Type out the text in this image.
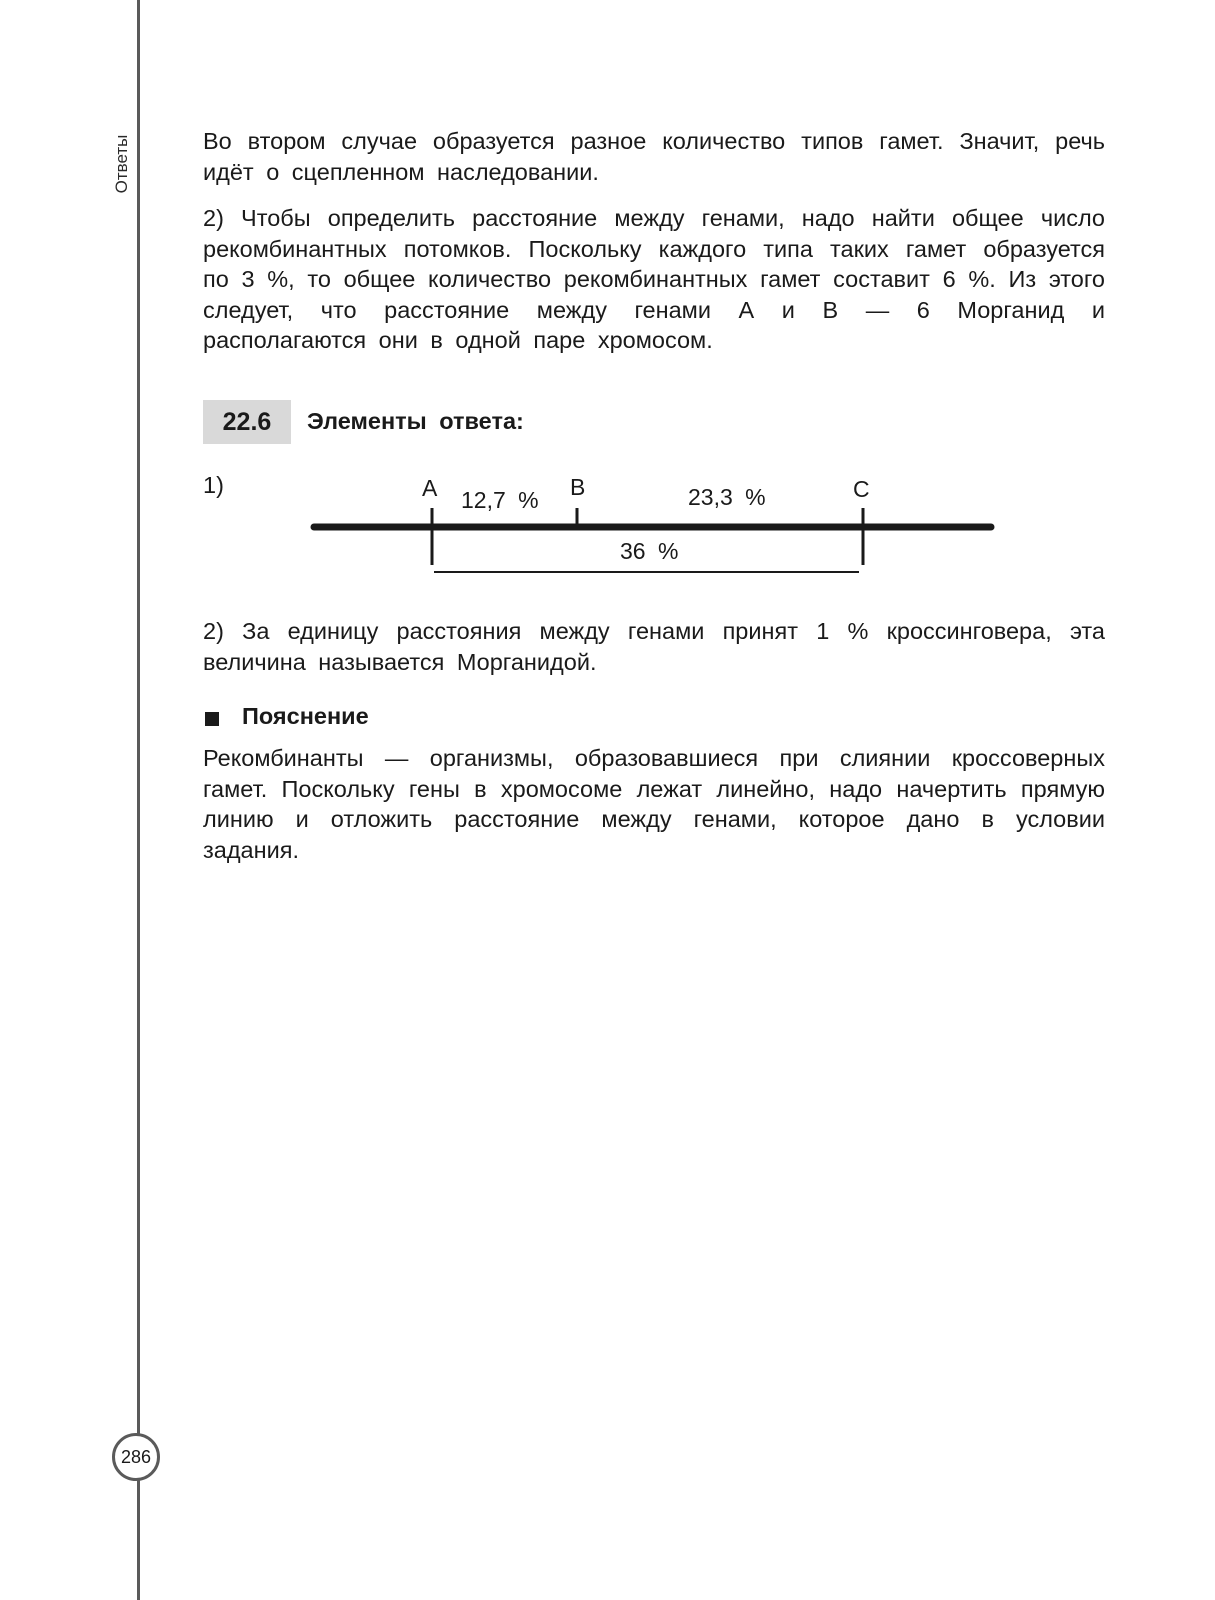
Ответы
286

Во втором случае образуется разное количество типов гамет. Значит, речь идёт о сцепленном наследовании.

2) Чтобы определить расстояние между генами, надо найти общее число рекомбинантных потомков. Поскольку каждого типа таких гамет образуется по 3 %, то общее количество рекомбинантных гамет составит 6 %. Из этого следует, что расстояние между генами А и В — 6 Морганид и располагаются они в одной паре хромосом.

22.6	Элементы ответа:
1)	A	B	C
12,7 %	23,3 %
36 %

2) За единицу расстояния между генами принят 1 % кроссинговера, эта величина называется Морганидой.

Пояснение

Рекомбинанты — организмы, образовавшиеся при слиянии кроссоверных гамет. Поскольку гены в хромосоме лежат линейно, надо начертить прямую линию и отложить расстояние между генами, которое дано в условии задания.
